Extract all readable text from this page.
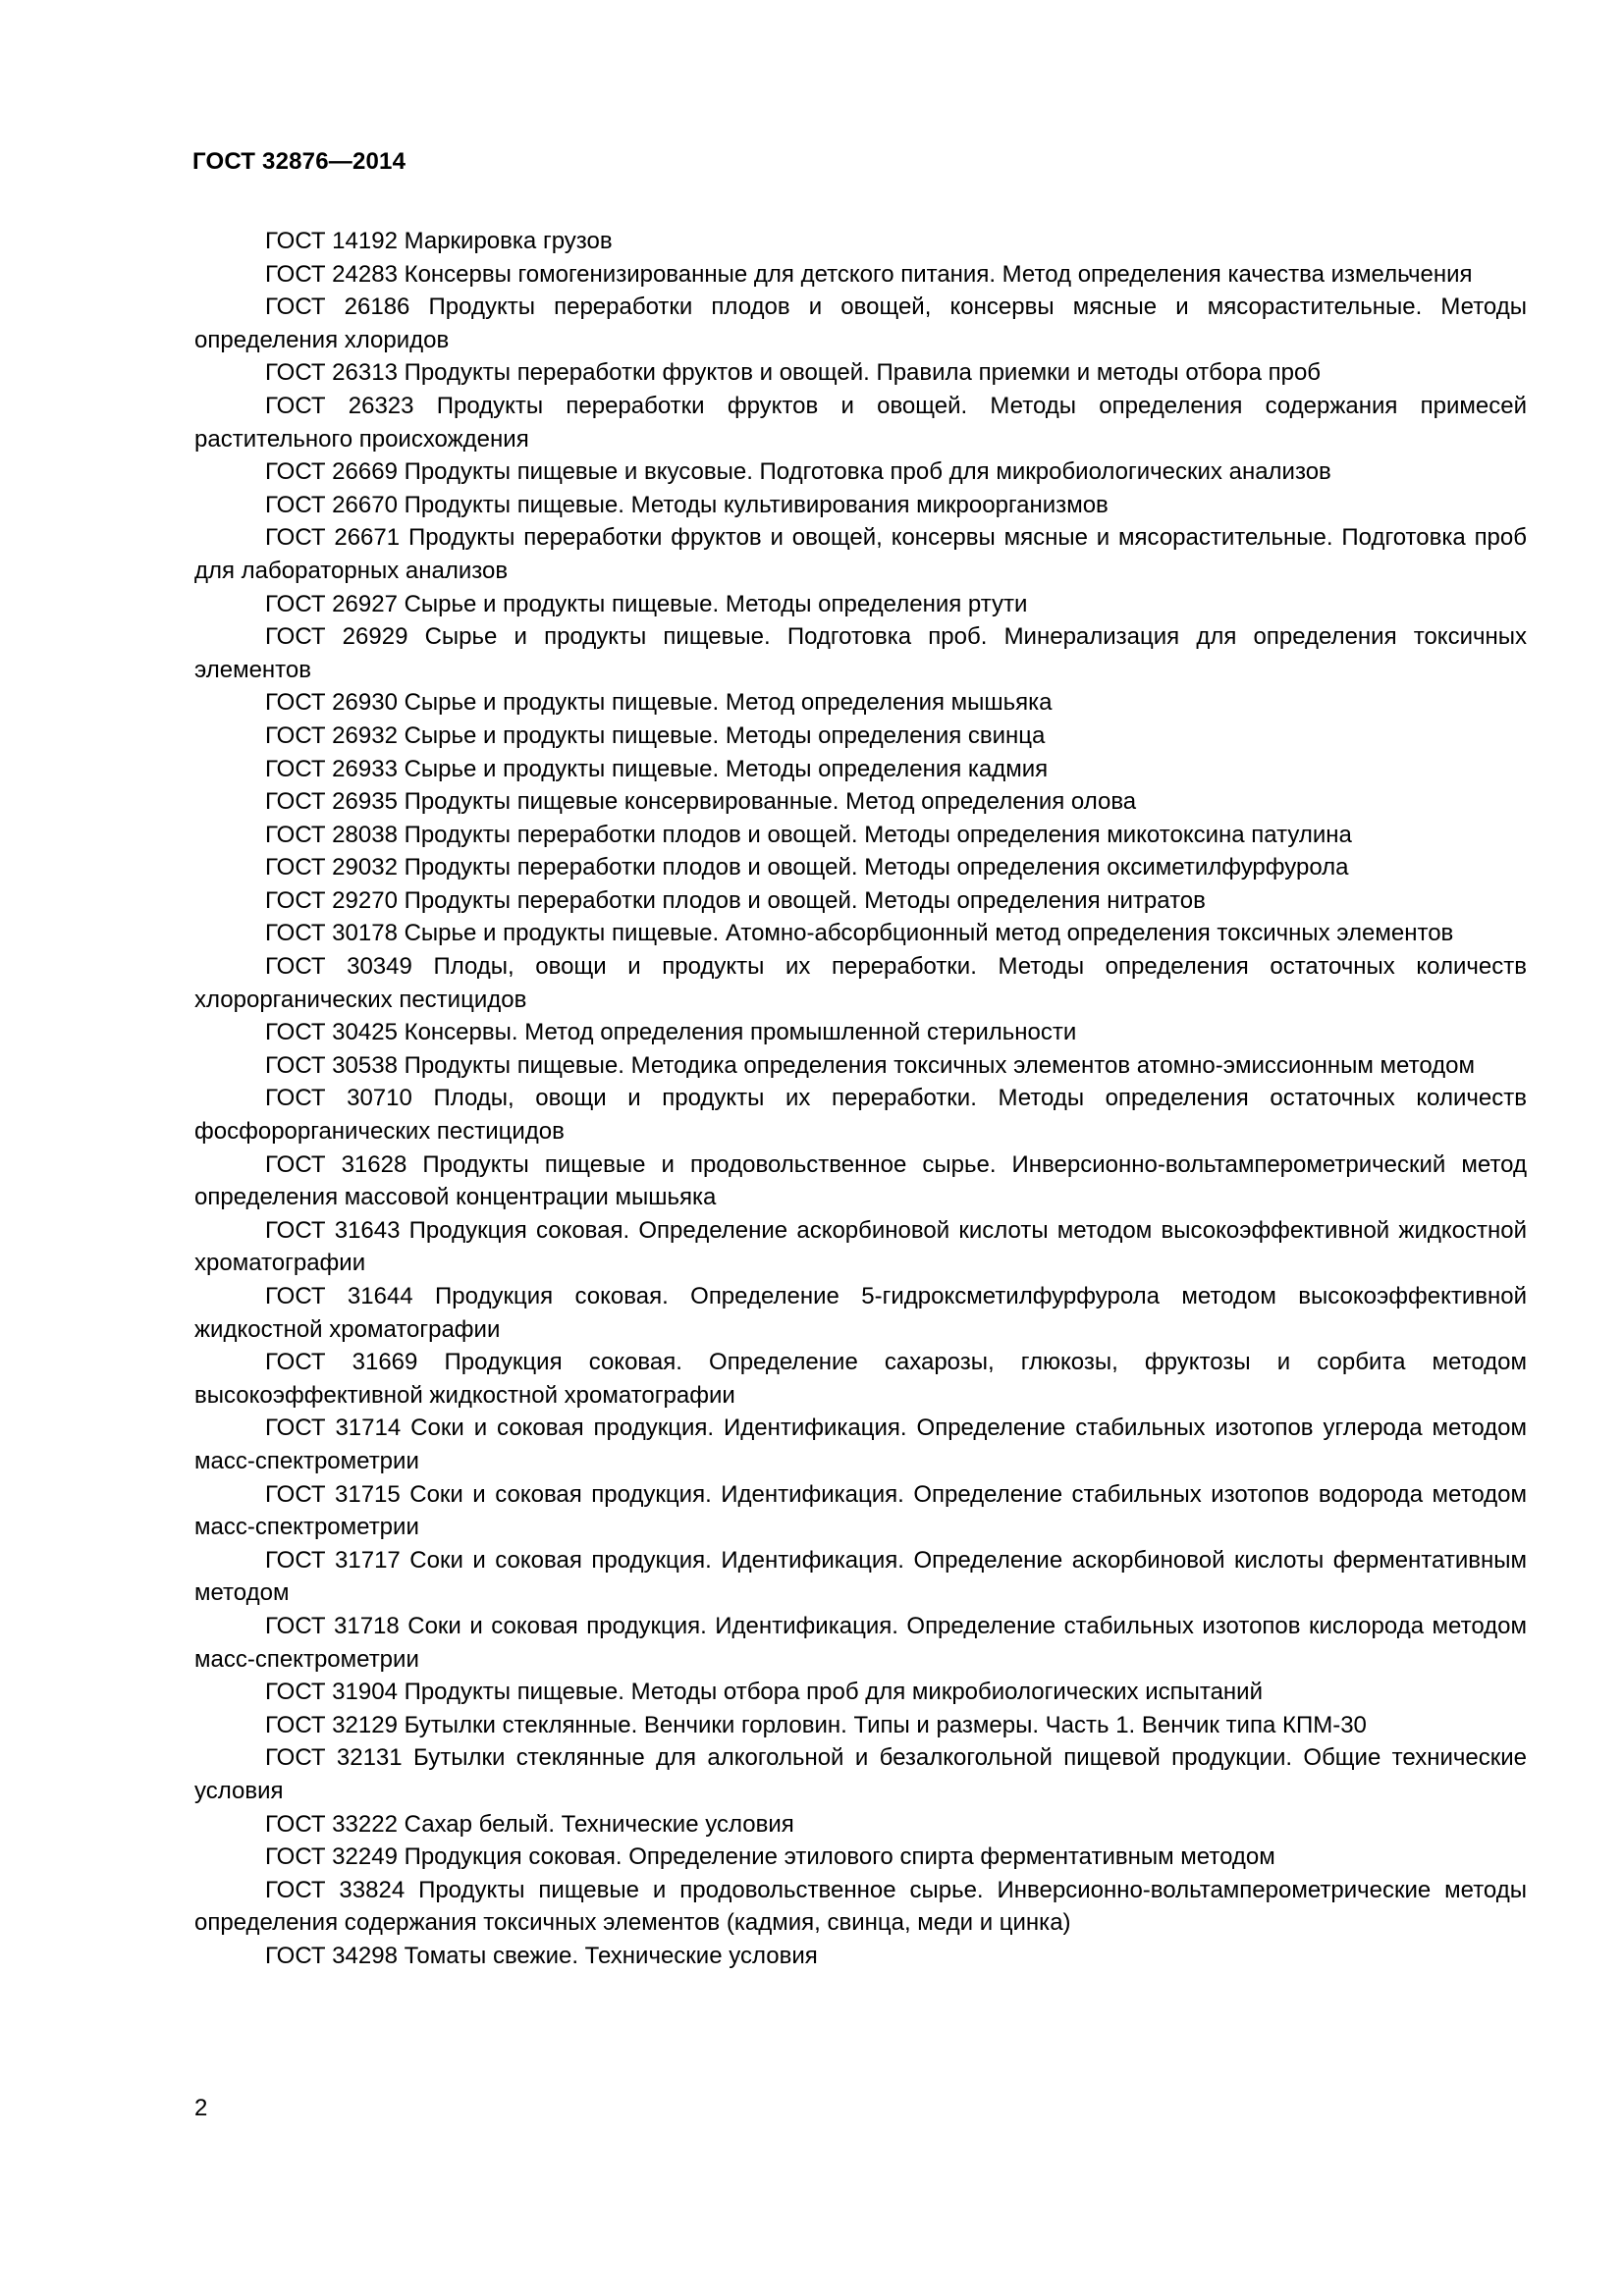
ГОСТ 32876—2014

ГОСТ 14192 Маркировка грузов

ГОСТ 24283 Консервы гомогенизированные для детского питания. Метод определения качества измельчения

ГОСТ 26186 Продукты переработки плодов и овощей, консервы мясные и мясорастительные. Методы определения хлоридов

ГОСТ 26313 Продукты переработки фруктов и овощей. Правила приемки и методы отбора проб

ГОСТ 26323 Продукты переработки фруктов и овощей. Методы определения содержания примесей растительного происхождения

ГОСТ 26669 Продукты пищевые и вкусовые. Подготовка проб для микробиологических анализов

ГОСТ 26670 Продукты пищевые. Методы культивирования микроорганизмов

ГОСТ 26671 Продукты переработки фруктов и овощей, консервы мясные и мясорастительные. Подготовка проб для лабораторных анализов

ГОСТ 26927 Сырье и продукты пищевые. Методы определения ртути

ГОСТ 26929 Сырье и продукты пищевые. Подготовка проб. Минерализация для определения токсичных элементов

ГОСТ 26930 Сырье и продукты пищевые. Метод определения мышьяка

ГОСТ 26932 Сырье и продукты пищевые. Методы определения свинца

ГОСТ 26933 Сырье и продукты пищевые. Методы определения кадмия

ГОСТ 26935 Продукты пищевые консервированные. Метод определения олова

ГОСТ 28038 Продукты переработки плодов и овощей. Методы определения микотоксина патулина

ГОСТ 29032 Продукты переработки плодов и овощей. Методы определения оксиметилфурфурола

ГОСТ 29270 Продукты переработки плодов и овощей. Методы определения нитратов

ГОСТ 30178 Сырье и продукты пищевые. Атомно-абсорбционный метод определения токсичных элементов

ГОСТ 30349 Плоды, овощи и продукты их переработки. Методы определения остаточных количеств хлорорганических пестицидов

ГОСТ 30425 Консервы. Метод определения промышленной стерильности

ГОСТ 30538 Продукты пищевые. Методика определения токсичных элементов атомно-эмиссионным методом

ГОСТ 30710 Плоды, овощи и продукты их переработки. Методы определения остаточных количеств фосфорорганических пестицидов

ГОСТ 31628 Продукты пищевые и продовольственное сырье. Инверсионно-вольтамперометрический метод определения массовой концентрации мышьяка

ГОСТ 31643 Продукция соковая. Определение аскорбиновой кислоты методом высокоэффективной жидкостной хроматографии

ГОСТ 31644 Продукция соковая. Определение 5-гидроксметилфурфурола методом высокоэффективной жидкостной хроматографии

ГОСТ 31669 Продукция соковая. Определение сахарозы, глюкозы, фруктозы и сорбита методом высокоэффективной жидкостной хроматографии

ГОСТ 31714 Соки и соковая продукция. Идентификация. Определение стабильных изотопов углерода методом масс-спектрометрии

ГОСТ 31715 Соки и соковая продукция. Идентификация. Определение стабильных изотопов водорода методом масс-спектрометрии

ГОСТ 31717 Соки и соковая продукция. Идентификация. Определение аскорбиновой кислоты ферментативным методом

ГОСТ 31718 Соки и соковая продукция. Идентификация. Определение стабильных изотопов кислорода методом масс-спектрометрии

ГОСТ 31904 Продукты пищевые. Методы отбора проб для микробиологических испытаний

ГОСТ 32129 Бутылки стеклянные. Венчики горловин. Типы и размеры. Часть 1. Венчик типа КПМ-30

ГОСТ 32131 Бутылки стеклянные для алкогольной и безалкогольной пищевой продукции. Общие технические условия

ГОСТ 33222 Сахар белый. Технические условия

ГОСТ 32249 Продукция соковая. Определение этилового спирта ферментативным методом

ГОСТ 33824 Продукты пищевые и продовольственное сырье. Инверсионно-вольтамперометрические методы определения содержания токсичных элементов (кадмия, свинца, меди и цинка)

ГОСТ 34298 Томаты свежие. Технические условия

2
